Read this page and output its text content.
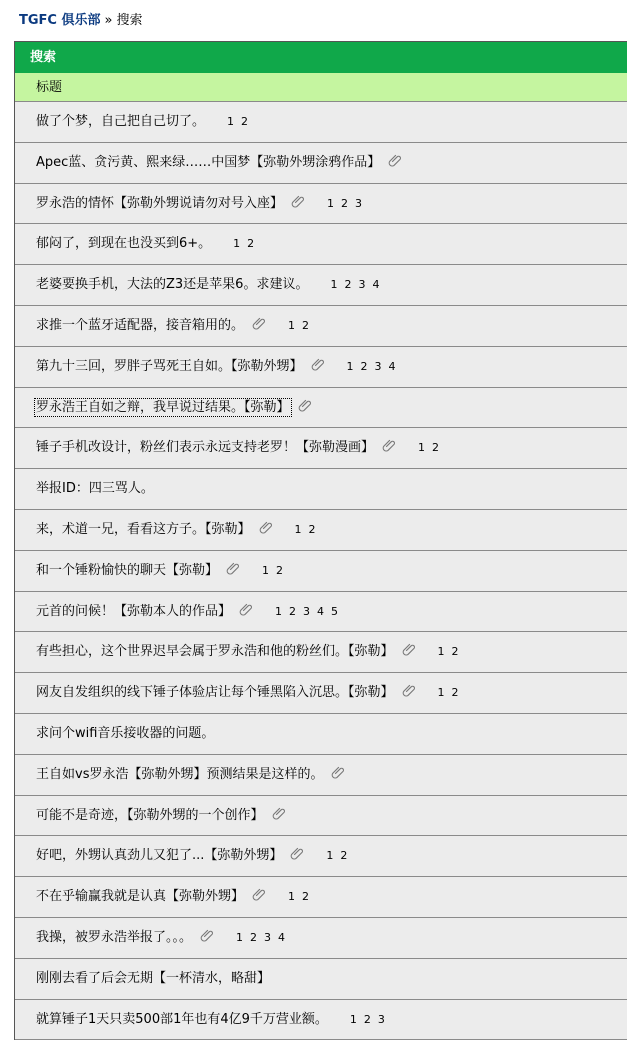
TGFC 俱乐部 » 搜索
搜索
标题
做了个梦，自己把自己切了。 1 2
Apec蓝、贪污黄、熙来绿……中国梦【弥勒外甥涂鸦作品】
罗永浩的情怀【弥勒外甥说请勿对号入座】	1 2 3
郁闷了，到现在也没买到6+。 1 2
老婆要换手机，大法的Z3还是苹果6。求建议。 1 2 3 4
求推一个蓝牙适配器，接音箱用的。	1 2
第九十三回，罗胖子骂死王自如。【弥勒外甥】	1 2 3 4
罗永浩王自如之辩，我早说过结果。【弥勒】
锤子手机改设计，粉丝们表示永远支持老罗！【弥勒漫画】	1 2
举报ID：四三骂人。
来，术道一兄，看看这方子。【弥勒】	1 2
和一个锤粉愉快的聊天【弥勒】	1 2
元首的问候！【弥勒本人的作品】	1 2 3 4 5
有些担心，这个世界迟早会属于罗永浩和他的粉丝们。【弥勒】	1 2
网友自发组织的线下锤子体验店让每个锤黑陷入沉思。【弥勒】	1 2
求问个wifi音乐接收器的问题。
王自如vs罗永浩【弥勒外甥】预测结果是这样的。
可能不是奇迹，【弥勒外甥的一个创作】
好吧，外甥认真劲儿又犯了...【弥勒外甥】	1 2
不在乎输赢我就是认真【弥勒外甥】	1 2
我操，被罗永浩举报了。。。	1 2 3 4
刚刚去看了后会无期【一杯清水，略甜】
就算锤子1天只卖500部1年也有4亿9千万营业额。 1 2 3
